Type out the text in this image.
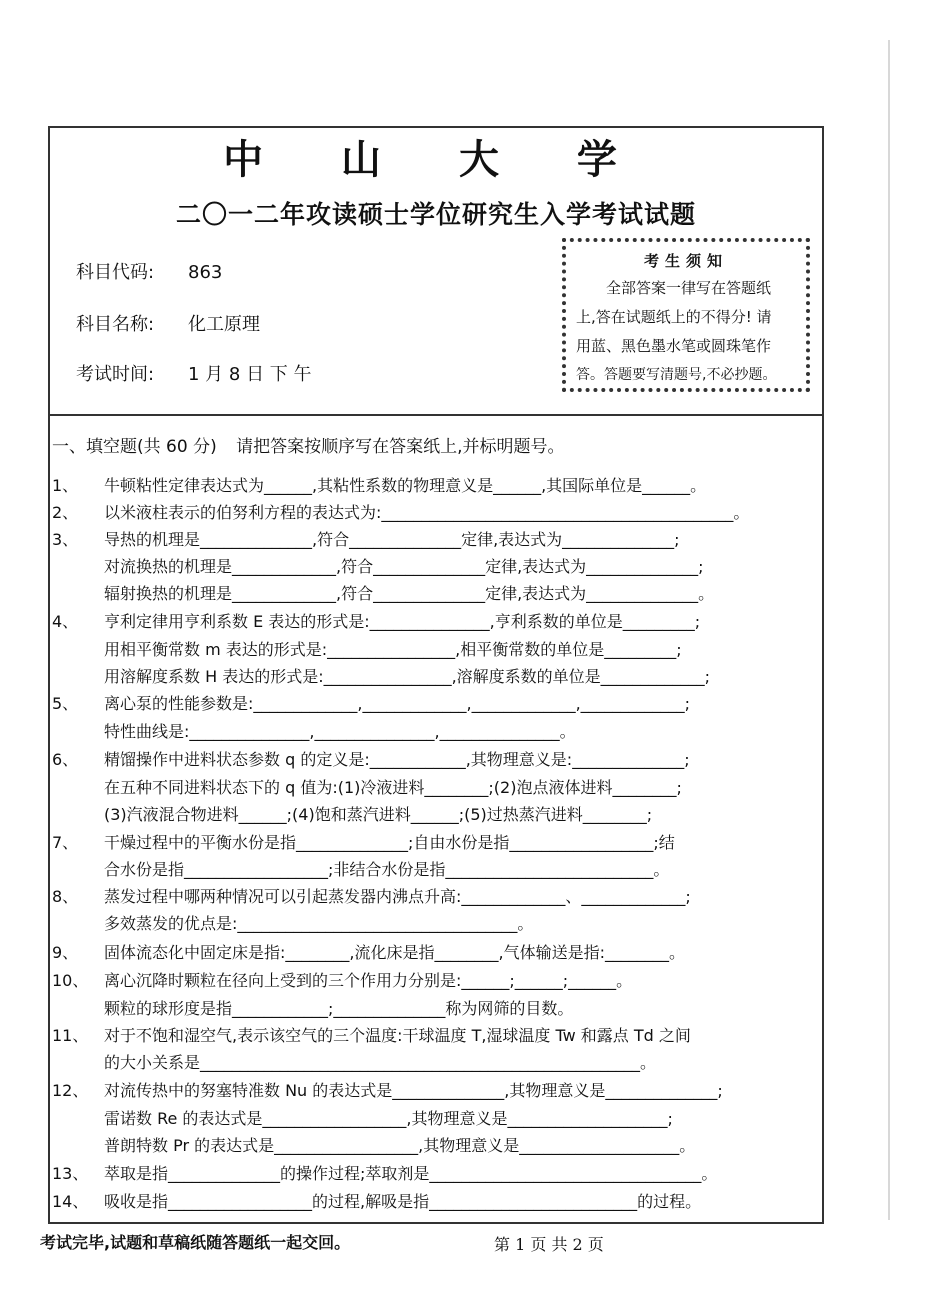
中 山 大 学
二〇一二年攻读硕士学位研究生入学考试试题
科目代码: 863
科目名称: 化工原理
考试时间: 1 月 8 日 下 午
考生须知
全部答案一律写在答题纸
上,答在试题纸上的不得分! 请
用蓝、黑色墨水笔或圆珠笔作
答。答题要写清题号,不必抄题。
一、填空题(共 60 分) 请把答案按顺序写在答案纸上,并标明题号。
1、 牛顿粘性定律表达式为______,其粘性系数的物理意义是______,其国际单位是______。
2、 以米液柱表示的伯努利方程的表达式为:____________________________________________。
3、 导热的机理是______________,符合______________定律,表达式为______________;
对流换热的机理是_____________,符合______________定律,表达式为______________;
辐射换热的机理是_____________,符合______________定律,表达式为______________。
4、 亨利定律用亨利系数 E 表达的形式是:_______________,亨利系数的单位是_________;
用相平衡常数 m 表达的形式是:________________,相平衡常数的单位是_________;
用溶解度系数 H 表达的形式是:________________,溶解度系数的单位是_____________;
5、 离心泵的性能参数是:_____________,_____________,_____________,_____________;
特性曲线是:_______________,_______________,_______________。
6、 精馏操作中进料状态参数 q 的定义是:____________,其物理意义是:______________;
在五种不同进料状态下的 q 值为:(1)冷液进料________;(2)泡点液体进料________;
(3)汽液混合物进料______;(4)饱和蒸汽进料______;(5)过热蒸汽进料________;
7、 干燥过程中的平衡水份是指______________;自由水份是指__________________;结
合水份是指__________________;非结合水份是指__________________________。
8、 蒸发过程中哪两种情况可以引起蒸发器内沸点升高:_____________、_____________;
多效蒸发的优点是:___________________________________。
9、 固体流态化中固定床是指:________,流化床是指________,气体输送是指:________。
10、 离心沉降时颗粒在径向上受到的三个作用力分别是:______;______;______。
颗粒的球形度是指____________;______________称为网筛的目数。
11、 对于不饱和湿空气,表示该空气的三个温度:干球温度 T,湿球温度 Tw 和露点 Td 之间
的大小关系是_______________________________________________________。
12、 对流传热中的努塞特准数 Nu 的表达式是______________,其物理意义是______________;
雷诺数 Re 的表达式是__________________,其物理意义是____________________;
普朗特数 Pr 的表达式是__________________,其物理意义是____________________。
13、 萃取是指______________的操作过程;萃取剂是__________________________________。
14、 吸收是指__________________的过程,解吸是指__________________________的过程。
考试完毕,试题和草稿纸随答题纸一起交回。	第 1 页 共 2 页
